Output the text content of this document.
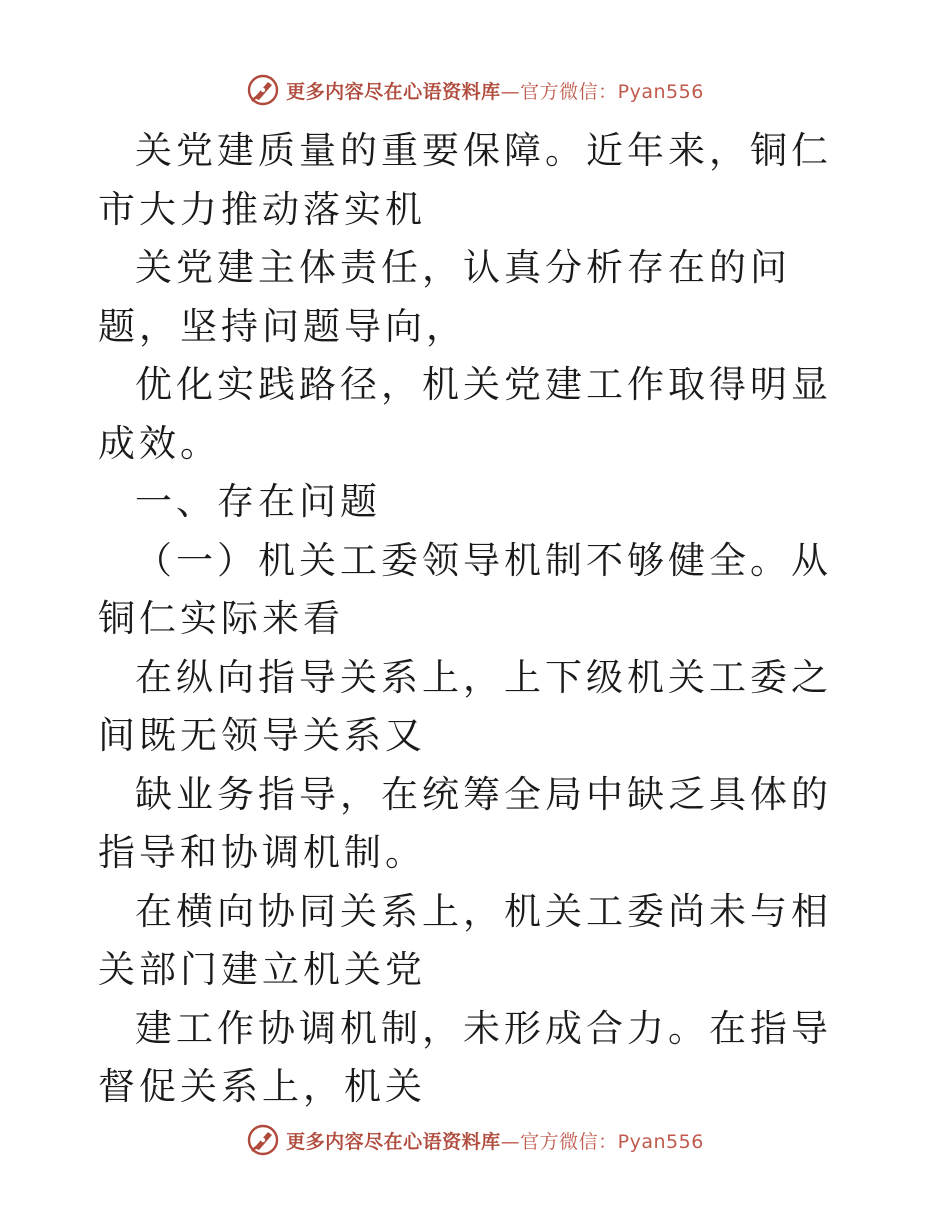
更多内容尽在心语资料库 —官方微信：Pyan556

关党建质量的重要保障。近年来，铜仁市大力推动落实机

关党建主体责任，认真分析存在的问题，坚持问题导向，

优化实践路径，机关党建工作取得明显成效。

一、存在问题

（一）机关工委领导机制不够健全。从铜仁实际来看

在纵向指导关系上，上下级机关工委之间既无领导关系又

缺业务指导，在统筹全局中缺乏具体的指导和协调机制。

在横向协同关系上，机关工委尚未与相关部门建立机关党

建工作协调机制，未形成合力。在指导督促关系上，机关

更多内容尽在心语资料库 —官方微信：Pyan556
